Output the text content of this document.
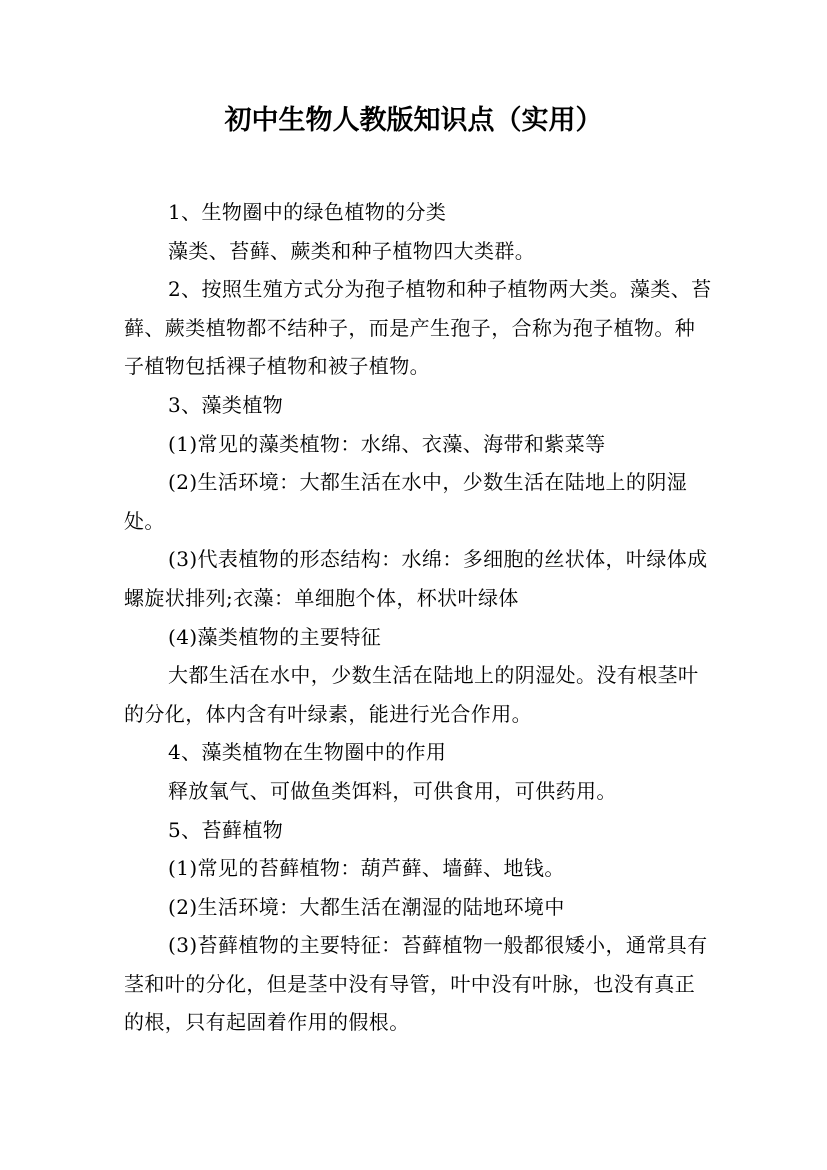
初中生物人教版知识点（实用）

1、生物圈中的绿色植物的分类

藻类、苔藓、蕨类和种子植物四大类群。

2、按照生殖方式分为孢子植物和种子植物两大类。藻类、苔藓、蕨类植物都不结种子，而是产生孢子，合称为孢子植物。种子植物包括裸子植物和被子植物。

3、藻类植物

(1)常见的藻类植物：水绵、衣藻、海带和紫菜等

(2)生活环境：大都生活在水中，少数生活在陆地上的阴湿处。

(3)代表植物的形态结构：水绵：多细胞的丝状体，叶绿体成螺旋状排列;衣藻：单细胞个体，杯状叶绿体

(4)藻类植物的主要特征

大都生活在水中，少数生活在陆地上的阴湿处。没有根茎叶的分化，体内含有叶绿素，能进行光合作用。

4、藻类植物在生物圈中的作用

释放氧气、可做鱼类饵料，可供食用，可供药用。

5、苔藓植物

(1)常见的苔藓植物：葫芦藓、墙藓、地钱。

(2)生活环境：大都生活在潮湿的陆地环境中

(3)苔藓植物的主要特征：苔藓植物一般都很矮小，通常具有茎和叶的分化，但是茎中没有导管，叶中没有叶脉，也没有真正的根，只有起固着作用的假根。
